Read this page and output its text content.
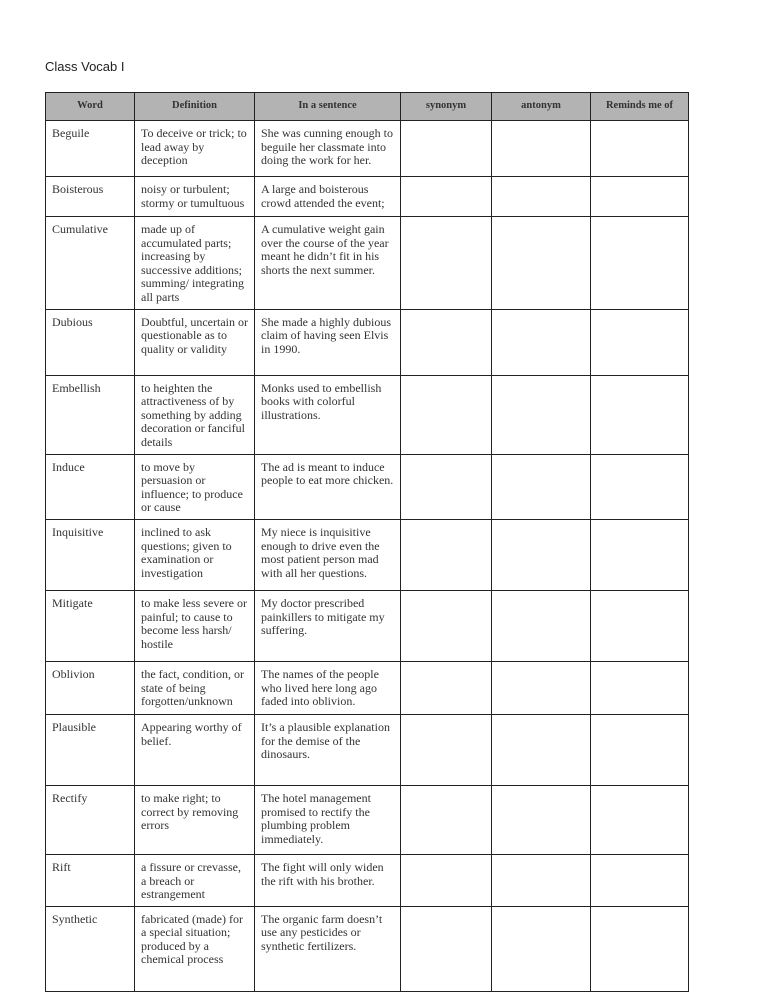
Class Vocab I
Word	Definition	In a sentence	synonym	antonym	Reminds me of
Beguile	To deceive or trick; to lead away by deception	She was cunning enough to beguile her classmate into doing the work for her.			
Boisterous	noisy or turbulent; stormy or tumultuous	A large and boisterous crowd attended the event;			
Cumulative	made up of accumulated parts; increasing by successive additions; summing/ integrating all parts	A cumulative weight gain over the course of the year meant he didn’t fit in his shorts the next summer.			
Dubious	Doubtful, uncertain or questionable as to quality or validity	She made a highly dubious claim of having seen Elvis in 1990.			
Embellish	to heighten the attractiveness of by something by adding decoration or fanciful details	Monks used to embellish books with colorful illustrations.			
Induce	to move by persuasion or influence; to produce or cause	The ad is meant to induce people to eat more chicken.			
Inquisitive	inclined to ask questions; given to examination or investigation	My niece is inquisitive enough to drive even the most patient person mad with all her questions.			
Mitigate	to make less severe or painful; to cause to become less harsh/ hostile	My doctor prescribed painkillers to mitigate my suffering.			
Oblivion	the fact, condition, or state of being forgotten/unknown	The names of the people who lived here long ago faded into oblivion.			
Plausible	Appearing worthy of belief.	It’s a plausible explanation for the demise of the dinosaurs.			
Rectify	to make right; to correct by removing errors	The hotel management promised to rectify the plumbing problem immediately.			
Rift	a fissure or crevasse, a breach or estrangement	The fight will only widen the rift with his brother.			
Synthetic	fabricated (made) for a special situation; produced by a chemical process	The organic farm doesn’t use any pesticides or synthetic fertilizers.			
